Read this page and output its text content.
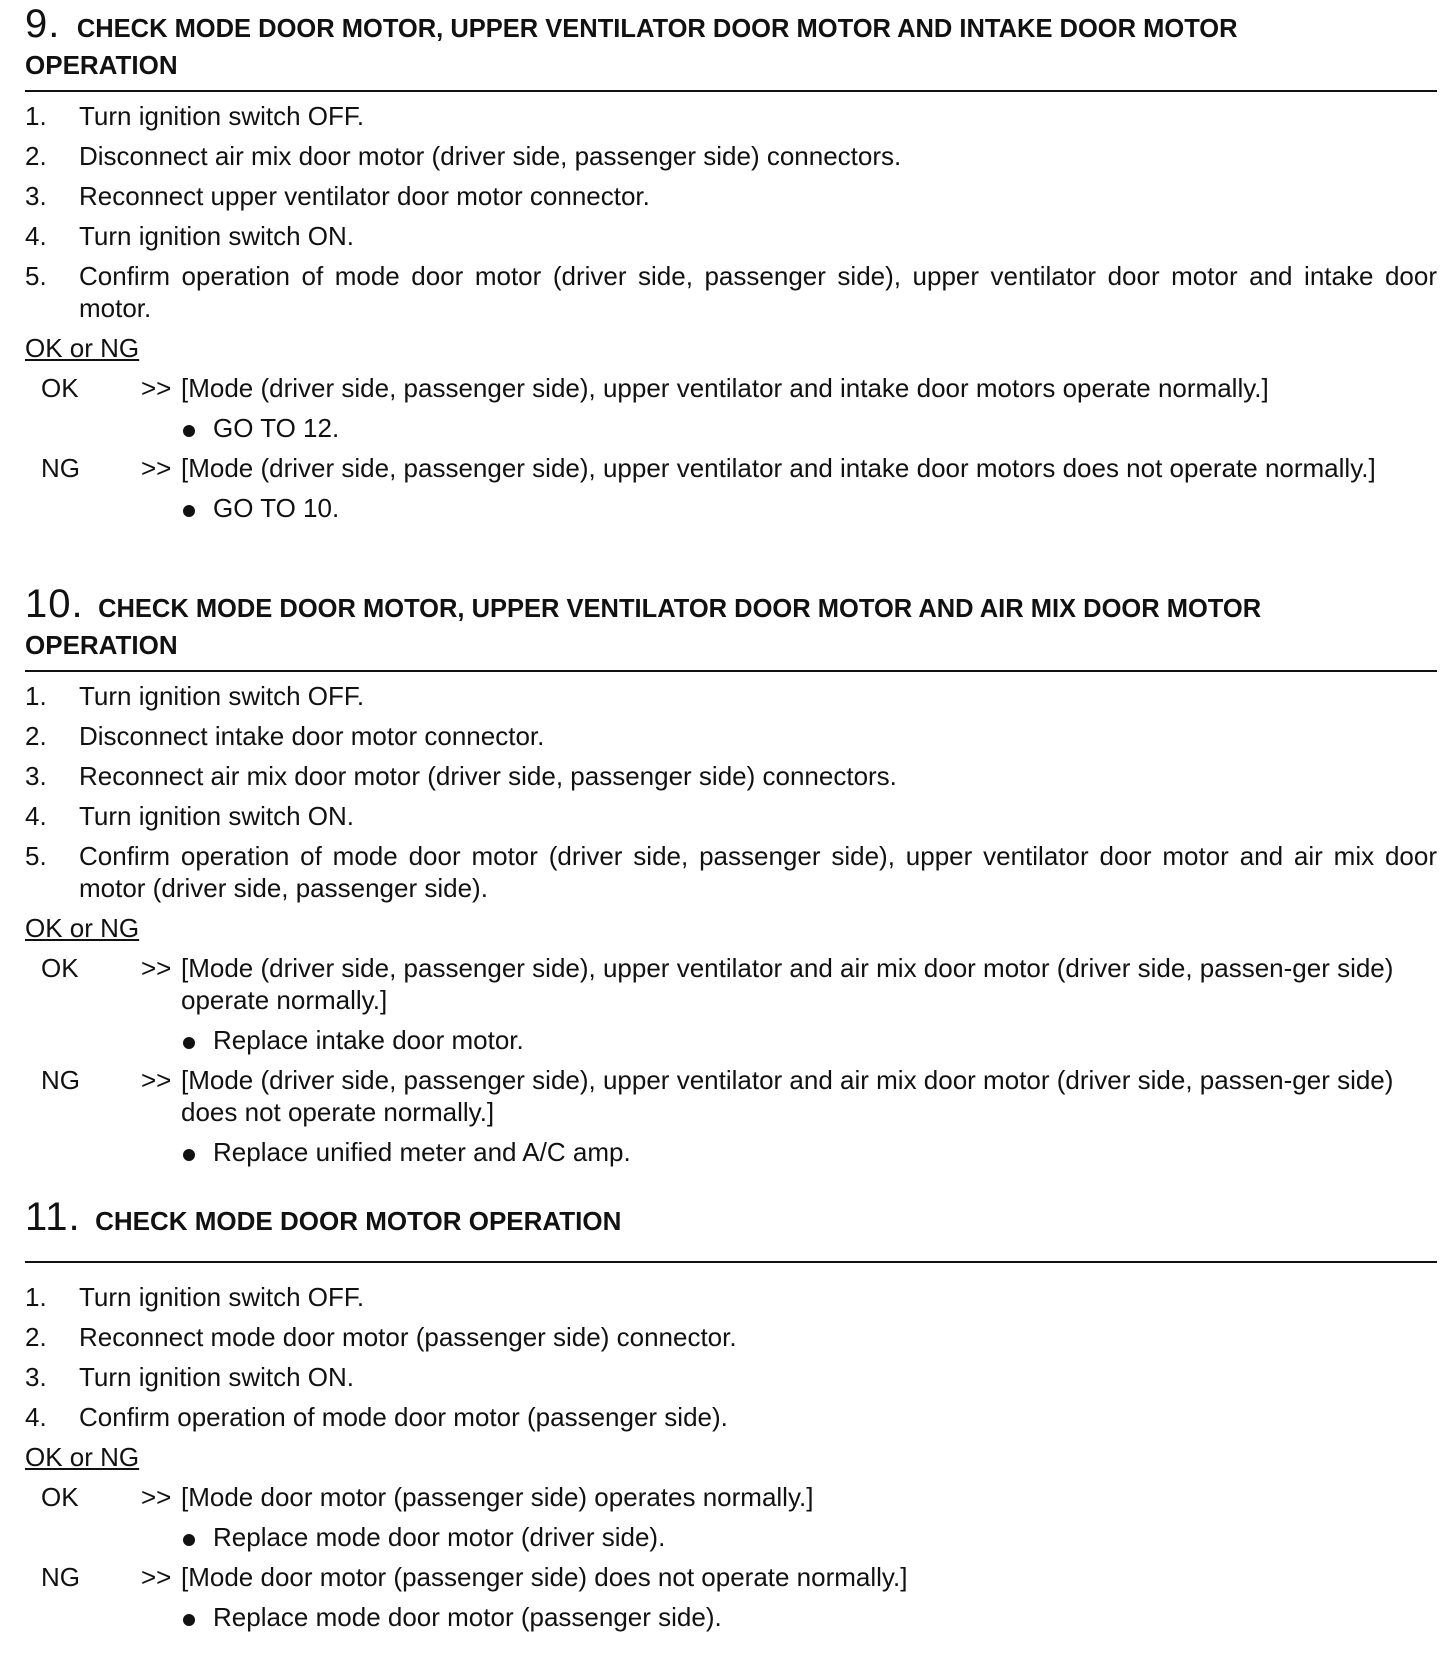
9. CHECK MODE DOOR MOTOR, UPPER VENTILATOR DOOR MOTOR AND INTAKE DOOR MOTOR
OPERATION
1. Turn ignition switch OFF.
2. Disconnect air mix door motor (driver side, passenger side) connectors.
3. Reconnect upper ventilator door motor connector.
4. Turn ignition switch ON.
5. Confirm operation of mode door motor (driver side, passenger side), upper ventilator door motor and intake door motor.
OK or NG
OK >> [Mode (driver side, passenger side), upper ventilator and intake door motors operate normally.]
GO TO 12.
NG >> [Mode (driver side, passenger side), upper ventilator and intake door motors does not operate normally.]
GO TO 10.
10. CHECK MODE DOOR MOTOR, UPPER VENTILATOR DOOR MOTOR AND AIR MIX DOOR MOTOR
OPERATION
1. Turn ignition switch OFF.
2. Disconnect intake door motor connector.
3. Reconnect air mix door motor (driver side, passenger side) connectors.
4. Turn ignition switch ON.
5. Confirm operation of mode door motor (driver side, passenger side), upper ventilator door motor and air mix door motor (driver side, passenger side).
OK or NG
OK >> [Mode (driver side, passenger side), upper ventilator and air mix door motor (driver side, passen-ger side) operate normally.]
Replace intake door motor.
NG >> [Mode (driver side, passenger side), upper ventilator and air mix door motor (driver side, passen-ger side) does not operate normally.]
Replace unified meter and A/C amp.
11. CHECK MODE DOOR MOTOR OPERATION
1. Turn ignition switch OFF.
2. Reconnect mode door motor (passenger side) connector.
3. Turn ignition switch ON.
4. Confirm operation of mode door motor (passenger side).
OK or NG
OK >> [Mode door motor (passenger side) operates normally.]
Replace mode door motor (driver side).
NG >> [Mode door motor (passenger side) does not operate normally.]
Replace mode door motor (passenger side).
